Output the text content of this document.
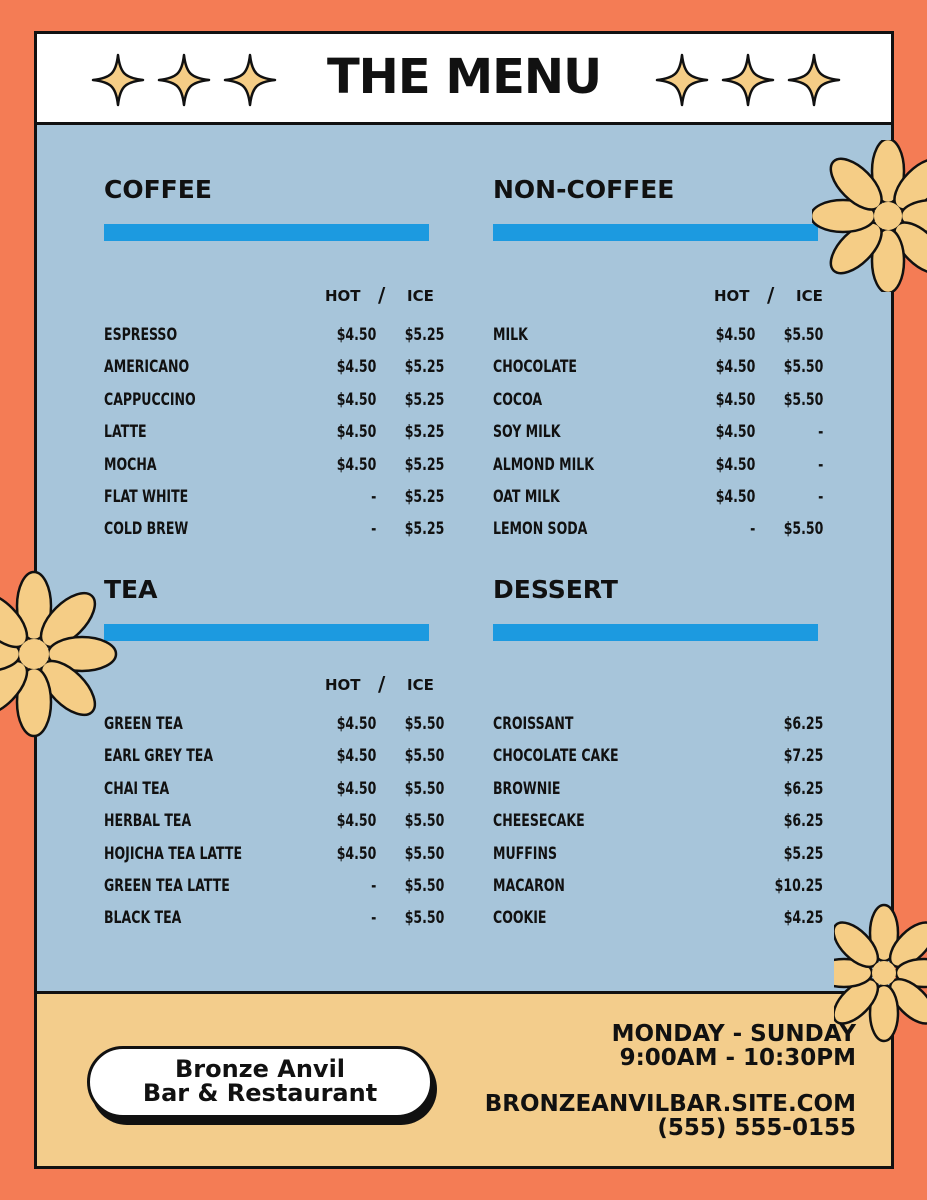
THE MENU
COFFEE
HOT / ICE
ESPRESSO	$4.50 $5.25
AMERICANO	$4.50 $5.25
CAPPUCCINO	$4.50 $5.25
LATTE	$4.50 $5.25
MOCHA	$4.50 $5.25
FLAT WHITE	- $5.25
COLD BREW	- $5.25
NON-COFFEE
HOT / ICE
MILK	$4.50 $5.50
CHOCOLATE	$4.50 $5.50
COCOA	$4.50 $5.50
SOY MILK	$4.50	-
ALMOND MILK	$4.50	-
OAT MILK	$4.50	-
LEMON SODA	- $5.50
TEA
HOT / ICE
GREEN TEA	$4.50 $5.50
EARL GREY TEA	$4.50 $5.50
CHAI TEA	$4.50 $5.50
HERBAL TEA	$4.50 $5.50
HOJICHA TEA LATTE	$4.50 $5.50
GREEN TEA LATTE	- $5.50
BLACK TEA	- $5.50
DESSERT
CROISSANT	$6.25
CHOCOLATE CAKE	$7.25
BROWNIE	$6.25
CHEESECAKE	$6.25
MUFFINS	$5.25
MACARON	$10.25
COOKIE	$4.25
Bronze Anvil
Bar & Restaurant
MONDAY - SUNDAY
9:00AM - 10:30PM
BRONZEANVILBAR.SITE.COM
(555) 555-0155
